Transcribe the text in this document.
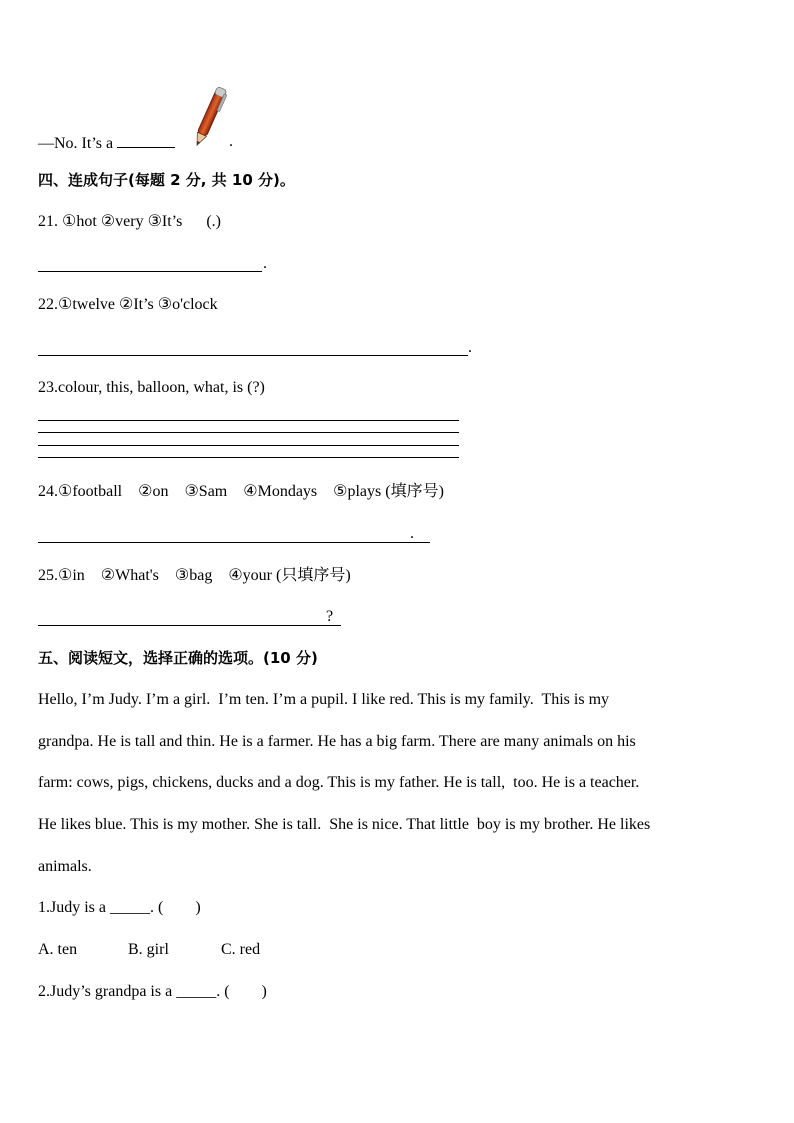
—No. It’s a	.
四、连成句子(每题 2 分, 共 10 分)。
21. ①hot ②very ③It’s      (.)
.
22.①twelve ②It’s ③o'clock
.
23.colour, this, balloon, what, is (?)
24.①football    ②on    ③Sam    ④Mondays    ⑤plays (填序号)
.
25.①in    ②What's    ③bag    ④your (只填序号)
?
五、阅读短文，选择正确的选项。(10 分)
Hello, I’m Judy. I’m a girl.  I’m ten. I’m a pupil. I like red. This is my family.  This is my
grandpa. He is tall and thin. He is a farmer. He has a big farm. There are many animals on his
farm: cows, pigs, chickens, ducks and a dog. This is my father. He is tall,  too. He is a teacher.
He likes blue. This is my mother. She is tall.  She is nice. That little  boy is my brother. He likes
animals.
1.Judy is a _____. (        )
A. ten	B. girl	C. red
2.Judy’s grandpa is a _____. (        )
